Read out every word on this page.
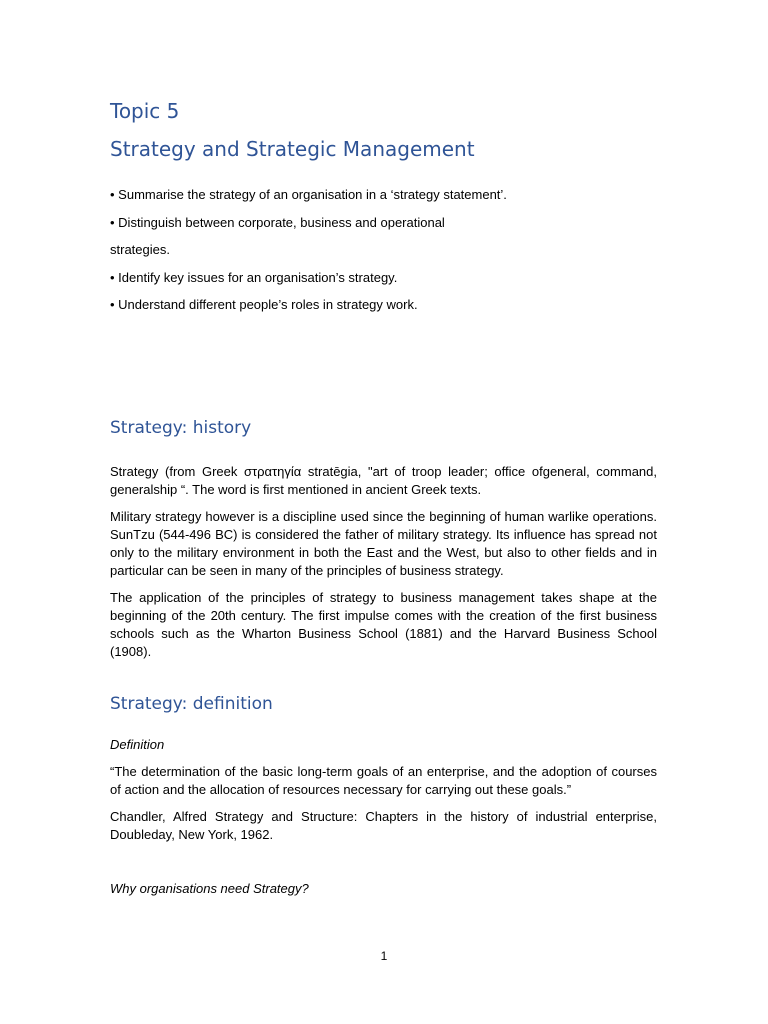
Topic 5
Strategy and Strategic Management

• Summarise the strategy of an organisation in a ‘strategy statement’.

• Distinguish between corporate, business and operational

strategies.

• Identify key issues for an organisation’s strategy.

• Understand different people’s roles in strategy work.

Strategy: history

Strategy (from Greek στρατηγία stratēgia, "art of troop leader; office ofgeneral, command, generalship “. The word is first mentioned in ancient Greek texts.

Military strategy however is a discipline used since the beginning of human warlike operations. SunTzu (544-496 BC) is considered the father of military strategy. Its influence has spread not only to the military environment in both the East and the West, but also to other fields and in particular can be seen in many of the principles of business strategy.

The application of the principles of strategy to business management takes shape at the beginning of the 20th century. The first impulse comes with the creation of the first business schools such as the Wharton Business School (1881) and the Harvard Business School (1908).

Strategy: definition

Definition

“The determination of the basic long-term goals of an enterprise, and the adoption of courses of action and the allocation of resources necessary for carrying out these goals.”

Chandler, Alfred Strategy and Structure: Chapters in the history of industrial enterprise, Doubleday, New York, 1962.

Why organisations need Strategy?

1
